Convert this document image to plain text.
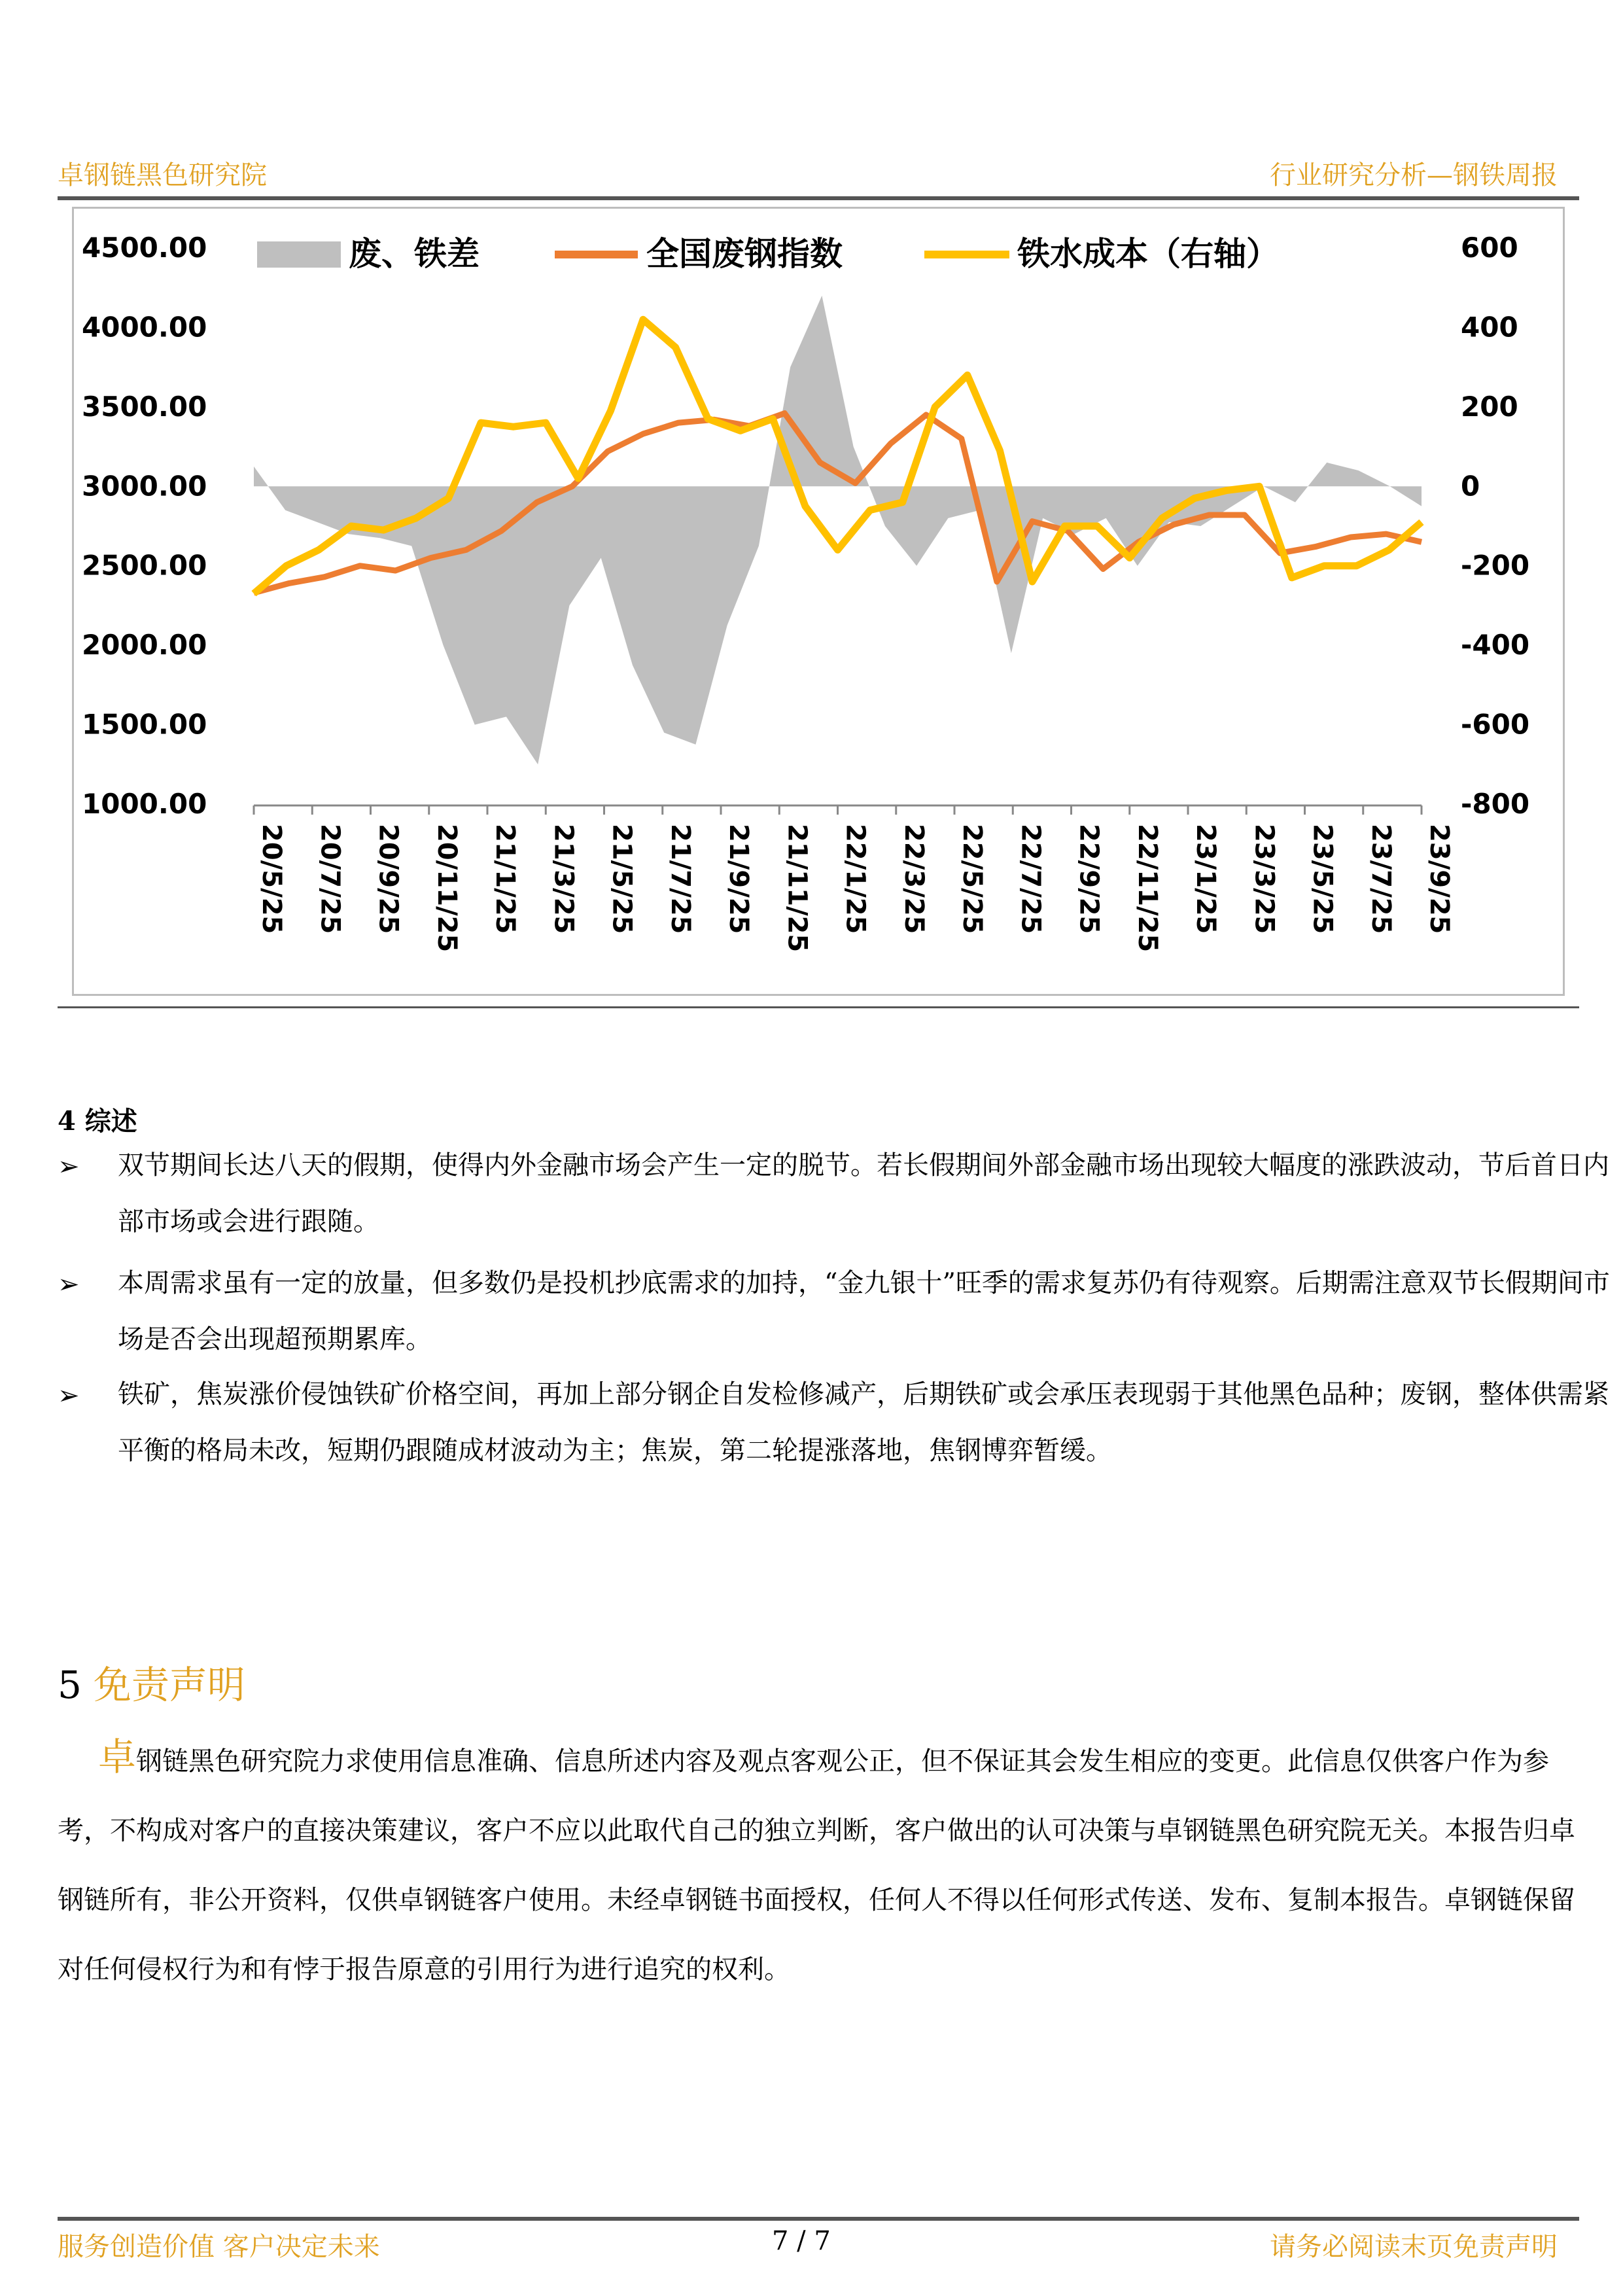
卓钢链黑色研究院	行业研究分析—钢铁周报
4500.00
4000.00
3500.00
3000.00
2500.00
2000.00
1500.00
1000.00
600
400
200
0
-200
-400
-600
-800
20/5/25 20/7/25 20/9/25 20/11/25 21/1/25 21/3/25 21/5/25 21/7/25 21/9/25 21/11/25 22/1/25 22/3/25 22/5/25 22/7/25 22/9/25 22/11/25 23/1/25 23/3/25 23/5/25 23/7/25 23/9/25
废、铁差	全国废钢指数	铁水成本（右轴）
4 综述
➢ 双节期间长达八天的假期，使得内外金融市场会产生一定的脱节。若长假期间外部金融市场出现较大幅度的涨跌波动，节后首日内部市场或会进行跟随。
➢ 本周需求虽有一定的放量，但多数仍是投机抄底需求的加持，“金九银十”旺季的需求复苏仍有待观察。后期需注意双节长假期间市场是否会出现超预期累库。
➢ 铁矿，焦炭涨价侵蚀铁矿价格空间，再加上部分钢企自发检修减产，后期铁矿或会承压表现弱于其他黑色品种；废钢，整体供需紧平衡的格局未改，短期仍跟随成材波动为主；焦炭，第二轮提涨落地，焦钢博弈暂缓。
5 免责声明
卓钢链黑色研究院力求使用信息准确、信息所述内容及观点客观公正，但不保证其会发生相应的变更。此信息仅供客户作为参考，不构成对客户的直接决策建议，客户不应以此取代自己的独立判断，客户做出的认可决策与卓钢链黑色研究院无关。本报告归卓钢链所有，非公开资料，仅供卓钢链客户使用。未经卓钢链书面授权，任何人不得以任何形式传送、发布、复制本报告。卓钢链保留对任何侵权行为和有悖于报告原意的引用行为进行追究的权利。
服务创造价值 客户决定未来	7 / 7	请务必阅读末页免责声明
